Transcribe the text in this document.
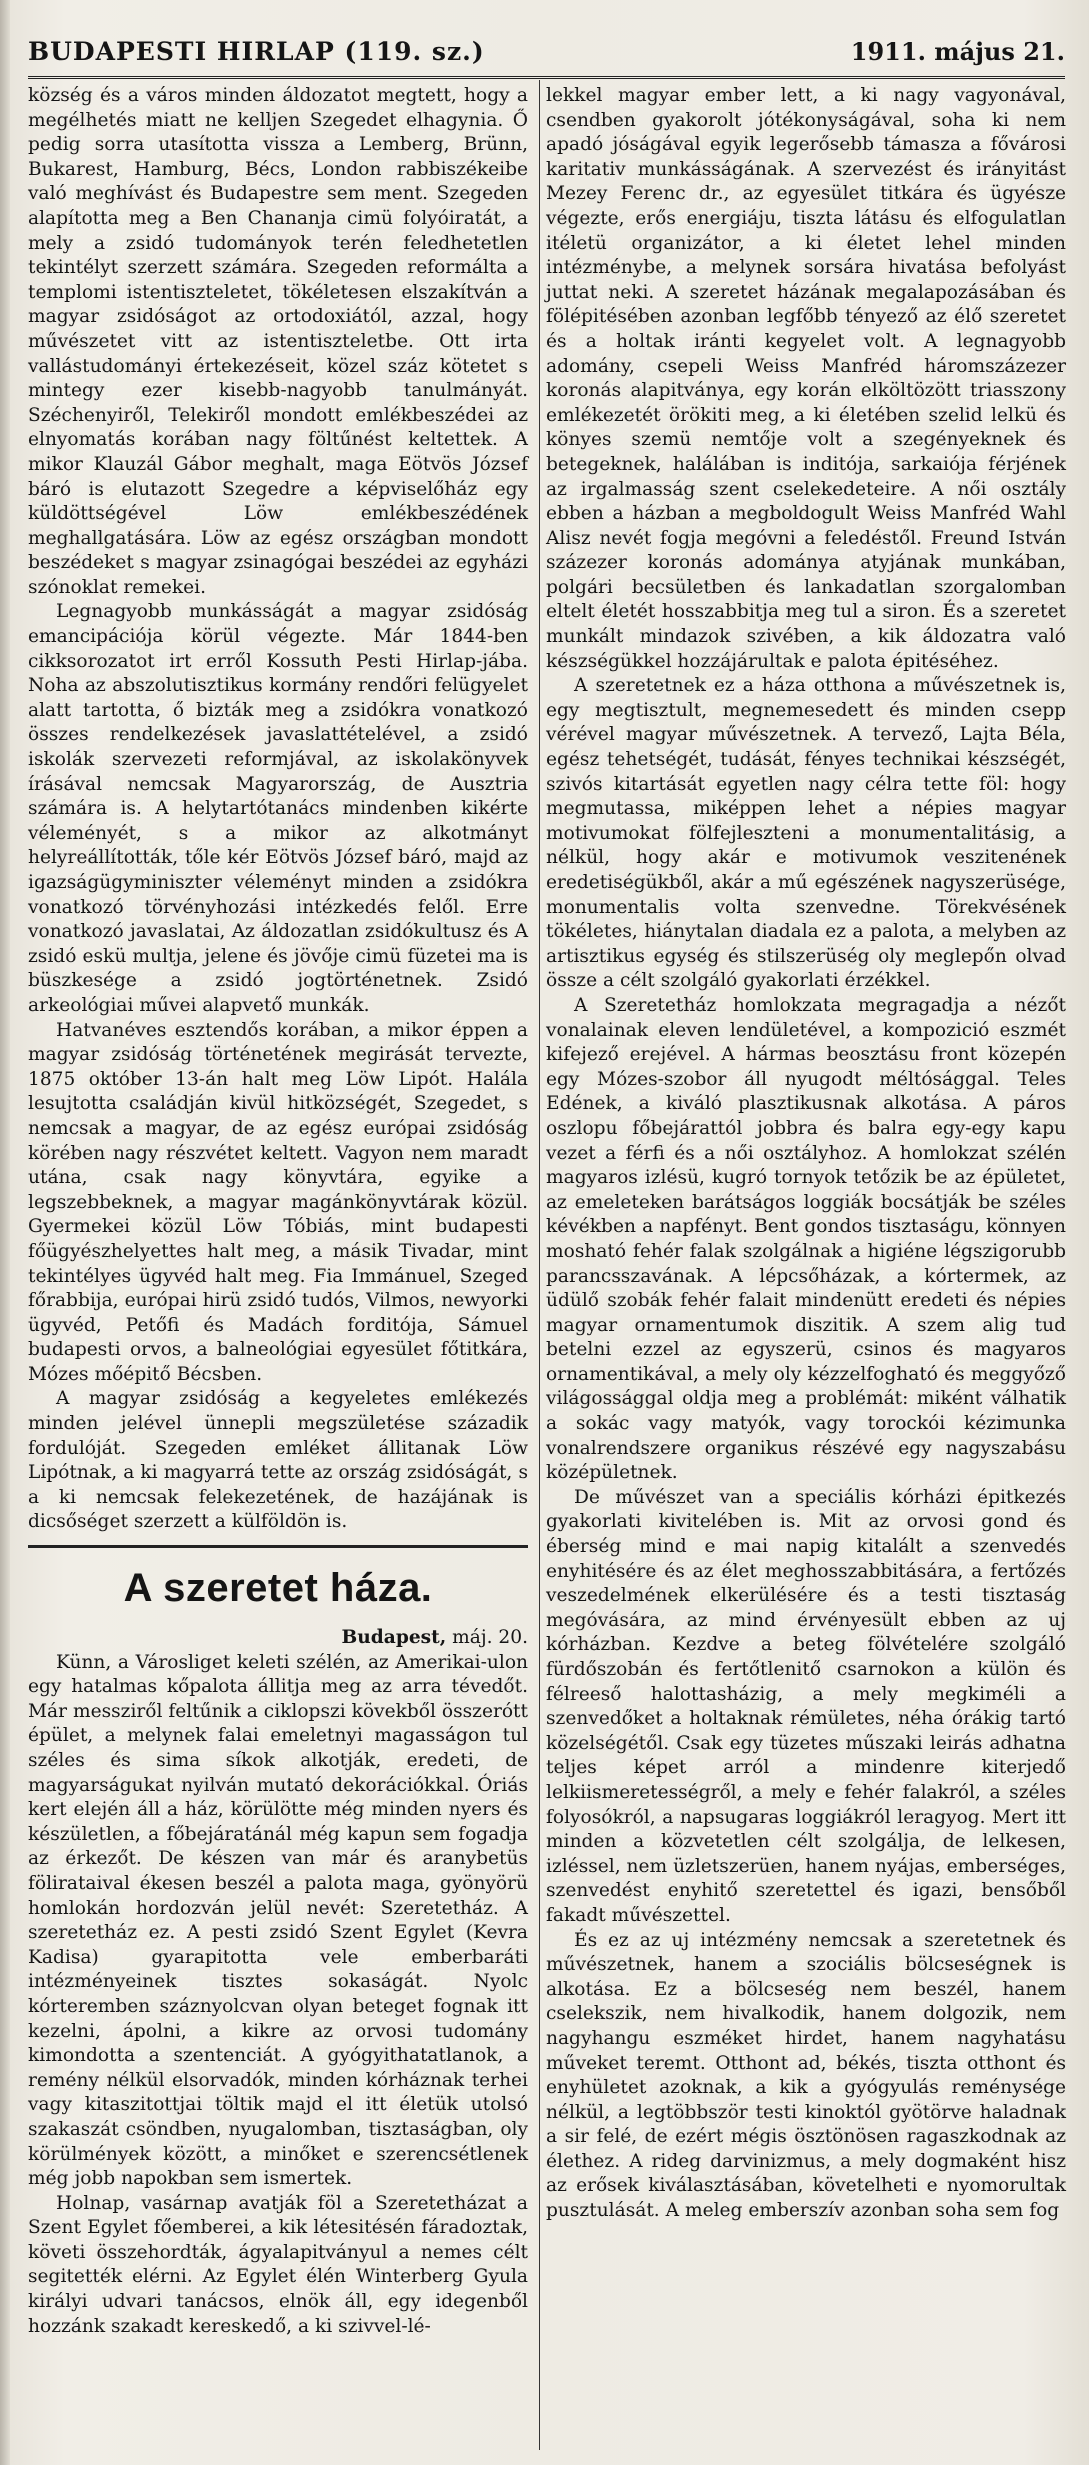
BUDAPESTI HIRLAP (119. sz.)	1911. május 21.

község és a város minden áldozatot megtett, hogy a megélhetés miatt ne kelljen Szegedet elhagynia. Ő pedig sorra utasította vissza a Lemberg, Brünn, Bukarest, Hamburg, Bécs, London rabbiszékeibe való meghívást és Budapestre sem ment. Szegeden alapította meg a Ben Chananja cimü folyóiratát, a mely a zsidó tudományok terén feledhetetlen tekintélyt szerzett számára. Szegeden reformálta a templomi istentiszteletet, tökéletesen elszakítván a magyar zsidóságot az ortodoxiától, azzal, hogy művészetet vitt az istentiszteletbe. Ott irta vallástudományi értekezéseit, közel száz kötetet s mintegy ezer kisebb-nagyobb tanulmányát. Széchenyiről, Telekiről mondott emlékbeszédei az elnyomatás korában nagy föltűnést keltettek. A mikor Klauzál Gábor meghalt, maga Eötvös József báró is elutazott Szegedre a képviselőház egy küldöttségével Löw emlékbeszédének meghallgatására. Löw az egész országban mondott beszédeket s magyar zsinagógai beszédei az egyházi szónoklat remekei.

Legnagyobb munkásságát a magyar zsidóság emancipációja körül végezte. Már 1844-ben cikksorozatot irt erről Kossuth Pesti Hirlap-jába. Noha az abszolutisztikus kormány rendőri felügyelet alatt tartotta, ő bizták meg a zsidókra vonatkozó összes rendelkezések javaslattételével, a zsidó iskolák szervezeti reformjával, az iskolakönyvek írásával nemcsak Magyarország, de Ausztria számára is. A helytartótanács mindenben kikérte véleményét, s a mikor az alkotmányt helyreállították, tőle kér Eötvös József báró, majd az igazságügyminiszter véleményt minden a zsidókra vonatkozó törvényhozási intézkedés felől. Erre vonatkozó javaslatai, Az áldozatlan zsidókultusz és A zsidó eskü multja, jelene és jövője cimü füzetei ma is büszkesége a zsidó jogtörténetnek. Zsidó arkeológiai művei alapvető munkák.

Hatvanéves esztendős korában, a mikor éppen a magyar zsidóság történetének megirását tervezte, 1875 október 13-án halt meg Löw Lipót. Halála lesujtotta családján kivül hitközségét, Szegedet, s nemcsak a magyar, de az egész európai zsidóság körében nagy részvétet keltett. Vagyon nem maradt utána, csak nagy könyvtára, egyike a legszebbeknek, a magyar magánkönyvtárak közül. Gyermekei közül Löw Tóbiás, mint budapesti főügyészhelyettes halt meg, a másik Tivadar, mint tekintélyes ügyvéd halt meg. Fia Immánuel, Szeged főrabbija, európai hirü zsidó tudós, Vilmos, newyorki ügyvéd, Petőfi és Madách forditója, Sámuel budapesti orvos, a balneológiai egyesület főtitkára, Mózes mőépitő Bécsben.

A magyar zsidóság a kegyeletes emlékezés minden jelével ünnepli megszületése századik fordulóját. Szegeden emléket állitanak Löw Lipótnak, a ki magyarrá tette az ország zsidóságát, s a ki nemcsak felekezetének, de hazájának is dicsőséget szerzett a külföldön is.

A szeretet háza.

Budapest, máj. 20.

Künn, a Városliget keleti szélén, az Amerikai-ulon egy hatalmas kőpalota állitja meg az arra tévedőt. Már messziről feltűnik a ciklopszi kövekből összerótt épület, a melynek falai emeletnyi magasságon tul széles és sima síkok alkotják, eredeti, de magyarságukat nyilván mutató dekorációkkal. Óriás kert elején áll a ház, körülötte még minden nyers és készületlen, a főbejáratánál még kapun sem fogadja az érkezőt. De készen van már és aranybetüs fölirataival ékesen beszél a palota maga, gyönyörü homlokán hordozván jelül nevét: Szeretetház. A szeretetház ez. A pesti zsidó Szent Egylet (Kevra Kadisa) gyarapitotta vele emberbaráti intézményeinek tisztes sokaságát. Nyolc kórteremben száznyolcvan olyan beteget fognak itt kezelni, ápolni, a kikre az orvosi tudomány kimondotta a szentenciát. A gyógyithatatlanok, a remény nélkül elsorvadók, minden kórháznak terhei vagy kitaszitottjai töltik majd el itt életük utolsó szakaszát csöndben, nyugalomban, tisztaságban, oly körülmények között, a minőket e szerencsétlenek még jobb napokban sem ismertek.

Holnap, vasárnap avatják föl a Szeretetházat a Szent Egylet főemberei, a kik létesitésén fáradoztak, követi összehordták, ágyalapitványul a nemes célt segitették elérni. Az Egylet élén Winterberg Gyula királyi udvari tanácsos, elnök áll, egy idegenből hozzánk szakadt kereskedő, a ki szivvel-lé-

lekkel magyar ember lett, a ki nagy vagyonával, csendben gyakorolt jótékonyságával, soha ki nem apadó jóságával egyik legerősebb támasza a fővárosi karitativ munkásságának. A szervezést és irányitást Mezey Ferenc dr., az egyesület titkára és ügyésze végezte, erős energiáju, tiszta látásu és elfogulatlan itéletü organizátor, a ki életet lehel minden intézménybe, a melynek sorsára hivatása befolyást juttat neki. A szeretet házának megalapozásában és fölépitésében azonban legfőbb tényező az élő szeretet és a holtak iránti kegyelet volt. A legnagyobb adomány, csepeli Weiss Manfréd háromszázezer koronás alapitványa, egy korán elköltözött triasszony emlékezetét örökiti meg, a ki életében szelid lelkü és könyes szemü nemtője volt a szegényeknek és betegeknek, halálában is inditója, sarkaiója férjének az irgalmasság szent cselekedeteire. A női osztály ebben a házban a megboldogult Weiss Manfréd Wahl Alisz nevét fogja megóvni a feledéstől. Freund István százezer koronás adománya atyjának munkában, polgári becsületben és lankadatlan szorgalomban eltelt életét hosszabbitja meg tul a siron. És a szeretet munkált mindazok szivében, a kik áldozatra való készségükkel hozzájárultak e palota épitéséhez.

A szeretetnek ez a háza otthona a művészetnek is, egy megtisztult, megnemesedett és minden csepp vérével magyar művészetnek. A tervező, Lajta Béla, egész tehetségét, tudását, fényes technikai készségét, szivós kitartását egyetlen nagy célra tette föl: hogy megmutassa, miképpen lehet a népies magyar motivumokat fölfejleszteni a monumentalitásig, a nélkül, hogy akár e motivumok veszitenének eredetiségükből, akár a mű egészének nagyszerüsége, monumentalis volta szenvedne. Törekvésének tökéletes, hiánytalan diadala ez a palota, a melyben az artisztikus egység és stilszerüség oly meglepőn olvad össze a célt szolgáló gyakorlati érzékkel.

A Szeretetház homlokzata megragadja a nézőt vonalainak eleven lendületével, a kompozició eszmét kifejező erejével. A hármas beosztásu front közepén egy Mózes-szobor áll nyugodt méltósággal. Teles Edének, a kiváló plasztikusnak alkotása. A páros oszlopu főbejárattól jobbra és balra egy-egy kapu vezet a férfi és a női osztályhoz. A homlokzat szélén magyaros izlésü, kugró tornyok tetőzik be az épületet, az emeleteken barátságos loggiák bocsátják be széles kévékben a napfényt. Bent gondos tisztaságu, könnyen mosható fehér falak szolgálnak a higiéne légszigorubb parancsszavának. A lépcsőházak, a kórtermek, az üdülő szobák fehér falait mindenütt eredeti és népies magyar ornamentumok diszitik. A szem alig tud betelni ezzel az egyszerü, csinos és magyaros ornamentikával, a mely oly kézzelfogható és meggyőző világossággal oldja meg a problémát: miként válhatik a sokác vagy matyók, vagy torockói kézimunka vonalrendszere organikus részévé egy nagyszabásu középületnek.

De művészet van a speciális kórházi épitkezés gyakorlati kivitelében is. Mit az orvosi gond és éberség mind e mai napig kitalált a szenvedés enyhitésére és az élet meghosszabbitására, a fertőzés veszedelmének elkerülésére és a testi tisztaság megóvására, az mind érvényesült ebben az uj kórházban. Kezdve a beteg fölvételére szolgáló fürdőszobán és fertőtlenitő csarnokon a külön és félreeső halottasházig, a mely megkiméli a szenvedőket a holtaknak rémületes, néha órákig tartó közelségétől. Csak egy tüzetes műszaki leirás adhatna teljes képet arról a mindenre kiterjedő lelkiismeretességről, a mely e fehér falakról, a széles folyosókról, a napsugaras loggiákról leragyog. Mert itt minden a közvetetlen célt szolgálja, de lelkesen, izléssel, nem üzletszerüen, hanem nyájas, emberséges, szenvedést enyhitő szeretettel és igazi, bensőből fakadt művészettel.

És ez az uj intézmény nemcsak a szeretetnek és művészetnek, hanem a szociális bölcseségnek is alkotása. Ez a bölcseség nem beszél, hanem cselekszik, nem hivalkodik, hanem dolgozik, nem nagyhangu eszméket hirdet, hanem nagyhatásu műveket teremt. Otthont ad, békés, tiszta otthont és enyhületet azoknak, a kik a gyógyulás reménysége nélkül, a legtöbbször testi kinoktól gyötörve haladnak a sir felé, de ezért mégis ösztönösen ragaszkodnak az élethez. A rideg darvinizmus, a mely dogmaként hisz az erősek kiválasztásában, követelheti e nyomorultak pusztulását. A meleg emberszív azonban soha sem fog
